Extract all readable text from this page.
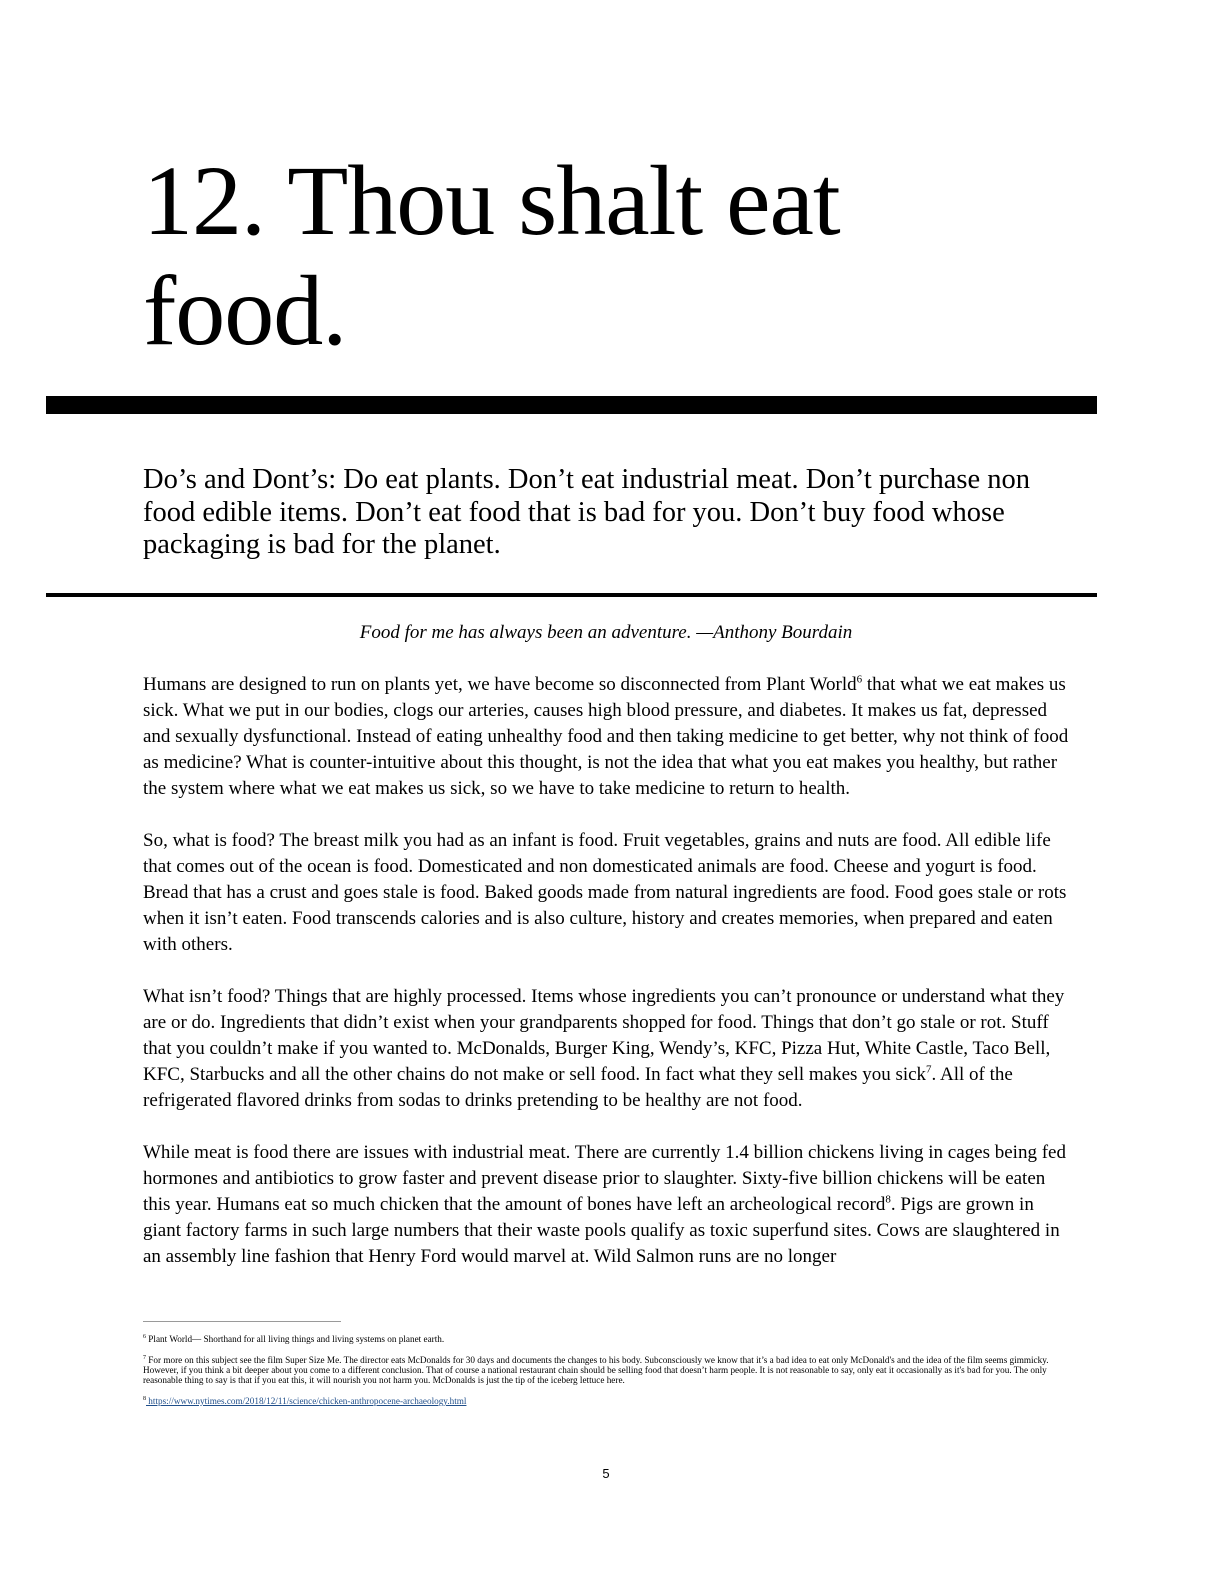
12. Thou shalt eat food.

Do’s and Dont’s: Do eat plants. Don’t eat industrial meat. Don’t purchase non food edible items. Don’t eat food that is bad for you. Don’t buy food whose packaging is bad for the planet.

Food for me has always been an adventure. —Anthony Bourdain

Humans are designed to run on plants yet, we have become so disconnected from Plant World$^6$ that what we eat makes us sick. What we put in our bodies, clogs our arteries, causes high blood pressure, and diabetes. It makes us fat, depressed and sexually dysfunctional. Instead of eating unhealthy food and then taking medicine to get better, why not think of food as medicine? What is counter-intuitive about this thought, is not the idea that what you eat makes you healthy, but rather the system where what we eat makes us sick, so we have to take medicine to return to health.

So, what is food? The breast milk you had as an infant is food. Fruit vegetables, grains and nuts are food. All edible life that comes out of the ocean is food. Domesticated and non domesticated animals are food. Cheese and yogurt is food. Bread that has a crust and goes stale is food. Baked goods made from natural ingredients are food. Food goes stale or rots when it isn’t eaten. Food transcends calories and is also culture, history and creates memories, when prepared and eaten with others.

What isn’t food? Things that are highly processed. Items whose ingredients you can’t pronounce or understand what they are or do. Ingredients that didn’t exist when your grandparents shopped for food. Things that don’t go stale or rot. Stuff that you couldn’t make if you wanted to. McDonalds, Burger King, Wendy’s, KFC, Pizza Hut, White Castle, Taco Bell, KFC, Starbucks and all the other chains do not make or sell food. In fact what they sell makes you sick$^7$. All of the refrigerated flavored drinks from sodas to drinks pretending to be healthy are not food.

While meat is food there are issues with industrial meat. There are currently 1.4 billion chickens living in cages being fed hormones and antibiotics to grow faster and prevent disease prior to slaughter. Sixty-five billion chickens will be eaten this year. Humans eat so much chicken that the amount of bones have left an archeological record$^8$. Pigs are grown in giant factory farms in such large numbers that their waste pools qualify as toxic superfund sites. Cows are slaughtered in an assembly line fashion that Henry Ford would marvel at. Wild Salmon runs are no longer

$^6$ Plant World— Shorthand for all living things and living systems on planet earth.

$^7$ For more on this subject see the film Super Size Me. The director eats McDonalds for 30 days and documents the changes to his body. Subconsciously we know that it’s a bad idea to eat only McDonald's and the idea of the film seems gimmicky. However, if you think a bit deeper about you come to a different conclusion. That of course a national restaurant chain should be selling food that doesn’t harm people. It is not reasonable to say, only eat it occasionally as it's bad for you. The only reasonable thing to say is that if you eat this, it will nourish you not harm you. McDonalds is just the tip of the iceberg lettuce here.

$^8$ https://www.nytimes.com/2018/12/11/science/chicken-anthropocene-archaeology.html

5
